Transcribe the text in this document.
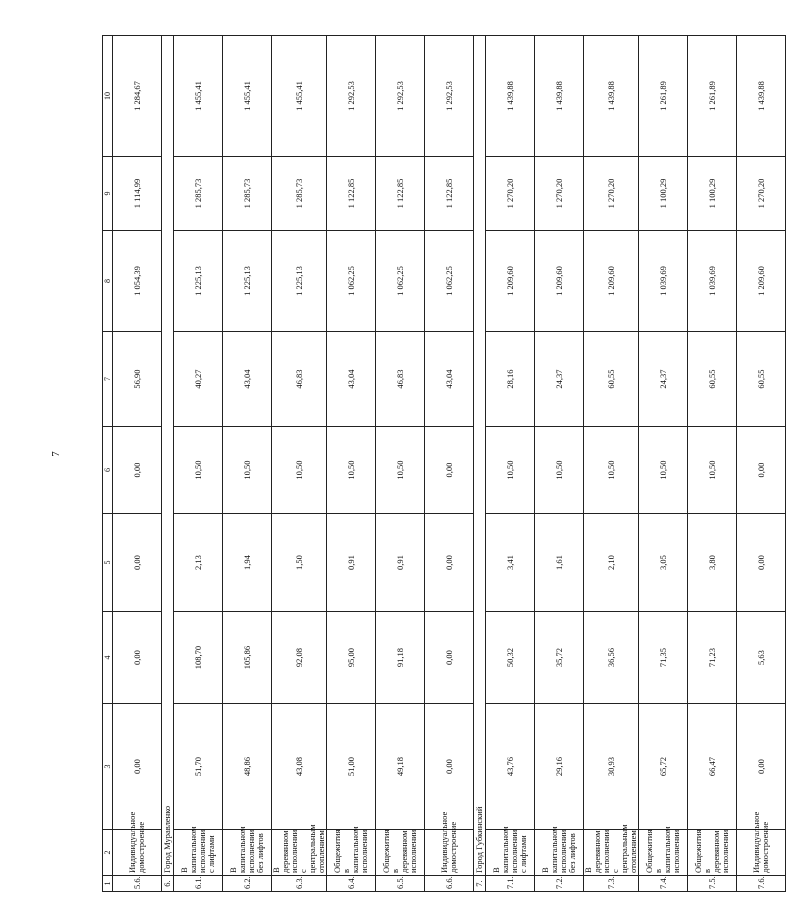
7
1	2	3	4	5	6	7	8	9	10
5.6.	Индивидуальное домостроение	0,00	0,00	0,00	0,00	56,90	1 054,39	1 114,99	1 284,67
6.	Город Муравленко								
6.1.	В капитальном исполнении с лифтами	51,70	108,70	2,13	10,50	40,27	1 225,13	1 285,73	1 455,41
6.2.	В капитальном исполнении без лифтов	48,86	105,86	1,94	10,50	43,04	1 225,13	1 285,73	1 455,41
6.3.	В деревянном исполнении с центральным отоплением	43,08	92,08	1,50	10,50	46,83	1 225,13	1 285,73	1 455,41
6.4.	Общежития в капитальном исполнении	51,00	95,00	0,91	10,50	43,04	1 062,25	1 122,85	1 292,53
6.5.	Общежития в деревянном исполнении	49,18	91,18	0,91	10,50	46,83	1 062,25	1 122,85	1 292,53
6.6.	Индивидуальное домостроение	0,00	0,00	0,00	0,00	43,04	1 062,25	1 122,85	1 292,53
7.	Город Губкинский								
7.1.	В капитальном исполнении с лифтами	43,76	50,32	3,41	10,50	28,16	1 209,60	1 270,20	1 439,88
7.2.	В капитальном исполнении без лифтов	29,16	35,72	1,61	10,50	24,37	1 209,60	1 270,20	1 439,88
7.3.	В деревянном исполнении с центральным отоплением	30,93	36,56	2,10	10,50	60,55	1 209,60	1 270,20	1 439,88
7.4.	Общежития в капитальном исполнении	65,72	71,35	3,05	10,50	24,37	1 039,69	1 100,29	1 261,89
7.5.	Общежития в деревянном исполнении	66,47	71,23	3,80	10,50	60,55	1 039,69	1 100,29	1 261,89
7.6.	Индивидуальное домостроение	0,00	5,63	0,00	0,00	60,55	1 209,60	1 270,20	1 439,88
